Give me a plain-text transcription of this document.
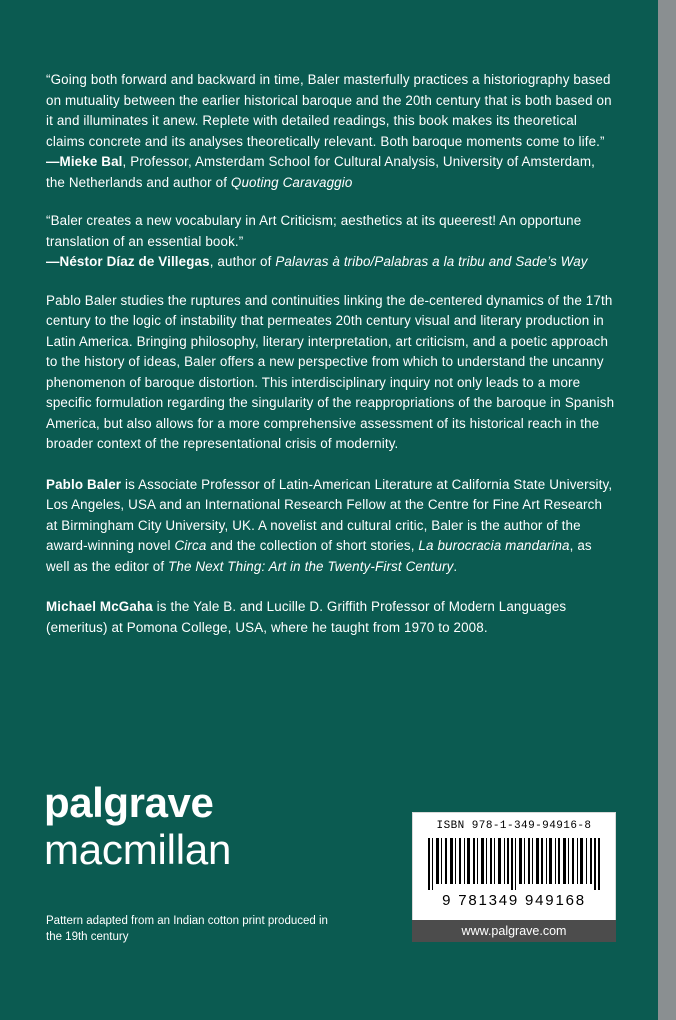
“Going both forward and backward in time, Baler masterfully practices a historiography based on mutuality between the earlier historical baroque and the 20th century that is both based on it and illuminates it anew. Replete with detailed readings, this book makes its theoretical claims concrete and its analyses theoretically relevant. Both baroque moments come to life.”
—Mieke Bal, Professor, Amsterdam School for Cultural Analysis, University of Amsterdam, the Netherlands and author of Quoting Caravaggio

“Baler creates a new vocabulary in Art Criticism; aesthetics at its queerest! An opportune translation of an essential book.”
—Néstor Díaz de Villegas, author of Palavras à tribo/Palabras a la tribu and Sade’s Way

Pablo Baler studies the ruptures and continuities linking the de-centered dynamics of the 17th century to the logic of instability that permeates 20th century visual and literary production in Latin America. Bringing philosophy, literary interpretation, art criticism, and a poetic approach to the history of ideas, Baler offers a new perspective from which to understand the uncanny phenomenon of baroque distortion. This interdisciplinary inquiry not only leads to a more specific formulation regarding the singularity of the reappropriations of the baroque in Spanish America, but also allows for a more comprehensive assessment of its historical reach in the broader context of the representational crisis of modernity.

Pablo Baler is Associate Professor of Latin-American Literature at California State University, Los Angeles, USA and an International Research Fellow at the Centre for Fine Art Research at Birmingham City University, UK. A novelist and cultural critic, Baler is the author of the award-winning novel Circa and the collection of short stories, La burocracia mandarina, as well as the editor of The Next Thing: Art in the Twenty-First Century.

Michael McGaha is the Yale B. and Lucille D. Griffith Professor of Modern Languages (emeritus) at Pomona College, USA, where he taught from 1970 to 2008.

palgrave
macmillan
Pattern adapted from an Indian cotton print produced in the 19th century
ISBN 978-1-349-94916-8
9 781349 949168
www.palgrave.com
